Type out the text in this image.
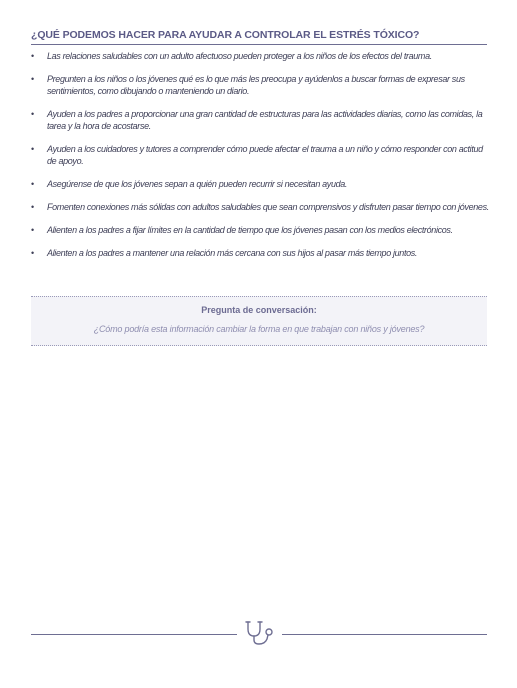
¿QUÉ PODEMOS HACER PARA AYUDAR A CONTROLAR EL ESTRÉS TÓXICO?
• Las relaciones saludables con un adulto afectuoso pueden proteger a los niños de los efectos del trauma.
• Pregunten a los niños o los jóvenes qué es lo que más les preocupa y ayúdenlos a buscar formas de expresar sus sentimientos, como dibujando o manteniendo un diario.
• Ayuden a los padres a proporcionar una gran cantidad de estructuras para las actividades diarias, como las comidas, la tarea y la hora de acostarse.
• Ayuden a los cuidadores y tutores a comprender cómo puede afectar el trauma a un niño y cómo responder con actitud de apoyo.
• Asegúrense de que los jóvenes sepan a quién pueden recurrir si necesitan ayuda.
• Fomenten conexiones más sólidas con adultos saludables que sean comprensivos y disfruten pasar tiempo con jóvenes.
• Alienten a los padres a fijar límites en la cantidad de tiempo que los jóvenes pasan con los medios electrónicos.
• Alienten a los padres a mantener una relación más cercana con sus hijos al pasar más tiempo juntos.
Pregunta de conversación:
¿Cómo podría esta información cambiar la forma en que trabajan con niños y jóvenes?
